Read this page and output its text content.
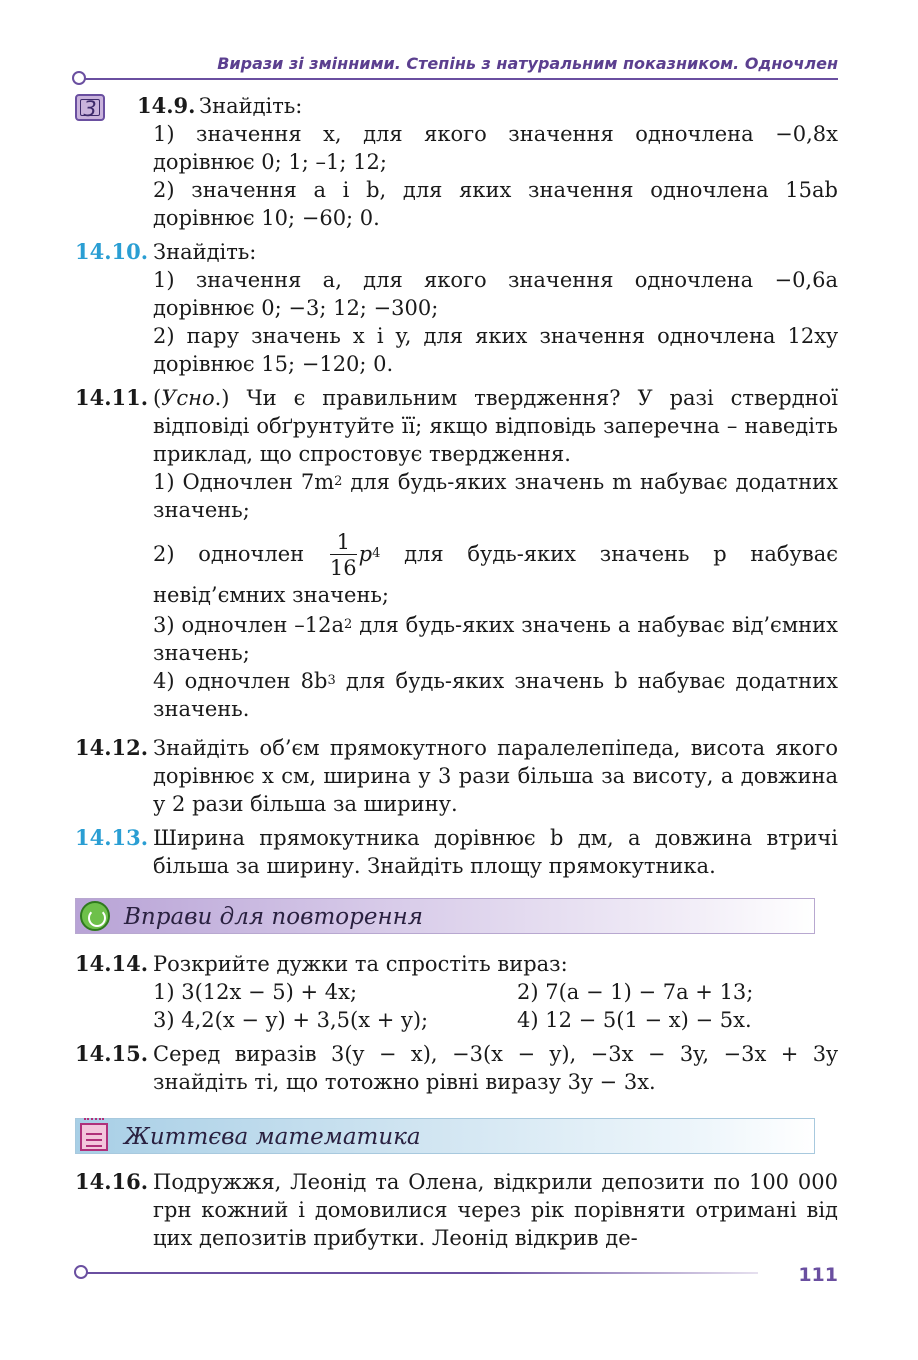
Вирази зі змінними. Степінь з натуральним показником. Одночлен
3	14.9. Знайдіть:

1) значення x, для якого значення одночлена −0,8x дорівнює 0; 1; –1; 12;

2) значення a і b, для яких значення одночлена 15ab дорівнює 10; −60; 0.

14.10. Знайдіть:

1) значення a, для якого значення одночлена −0,6a дорівнює 0; −3; 12; −300;

2) пару значень x і y, для яких значення одночлена 12xy дорівнює 15; −120; 0.

14.11. (Усно.) Чи є правильним твердження? У разі ствердної відповіді обґрунтуйте її; якщо відповідь заперечна – наведіть приклад, що спростовує твердження.

1) Одночлен $7m^2$ для будь-яких значень m набуває додатних значень;

2) одночлен $\frac{1}{16} p^4$ для будь-яких значень p набуває невід’ємних значень;

3) одночлен $-12a^2$ для будь-яких значень a набуває від’ємних значень;

4) одночлен $8b^3$ для будь-яких значень b набуває додатних значень.

14.12. Знайдіть об’єм прямокутного паралелепіпеда, висота якого дорівнює x см, ширина у 3 рази більша за висоту, а довжина у 2 рази більша за ширину.

14.13. Ширина прямокутника дорівнює b дм, а довжина втричі більша за ширину. Знайдіть площу прямокутника.

Вправи для повторення
14.14. Розкрийте дужки та спростіть вираз:

1) 3(12x − 5) + 4x;	2) 7(a − 1) − 7a + 13;
3) 4,2(x − y) + 3,5(x + y);	4) 12 − 5(1 − x) − 5x.
14.15. Серед виразів 3(y − x), −3(x − y), −3x − 3y, −3x + 3y знайдіть ті, що тотожно рівні виразу 3y − 3x.

Життєва математика
14.16. Подружжя, Леонід та Олена, відкрили депозити по 100 000 грн кожний і домовилися через рік порівняти отримані від цих депозитів прибутки. Леонід відкрив де-

111
